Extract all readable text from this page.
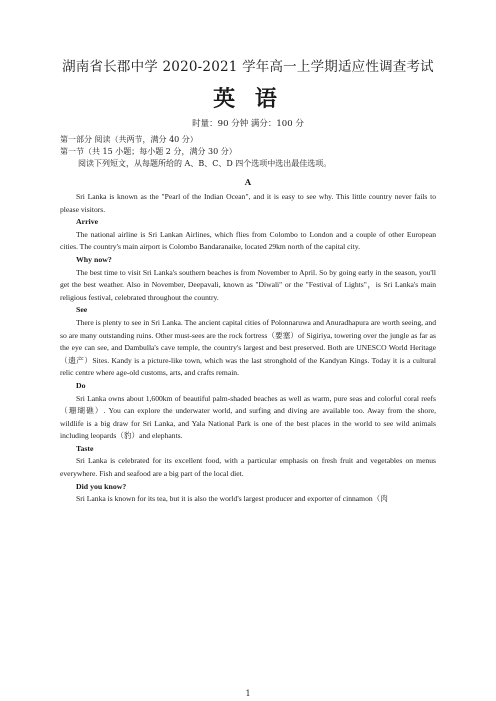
湖南省长郡中学 2020-2021 学年高一上学期适应性调查考试
英 语
时量：90 分钟 满分：100 分

第一部分 阅读（共两节，满分 40 分）

第一节（共 15 小题；每小题 2 分，满分 30 分）

阅读下列短文，从每题所给的 A、B、C、D 四个选项中选出最佳选项。

A

Sri Lanka is known as the "Pearl of the Indian Ocean", and it is easy to see why. This little country never fails to please visitors.

Arrive

The national airline is Sri Lankan Airlines, which flies from Colombo to London and a couple of other European cities. The country's main airport is Colombo Bandaranaike, located 29km north of the capital city.

Why now?

The best time to visit Sri Lanka's southern beaches is from November to April. So by going early in the season, you'll get the best weather. Also in November, Deepavali, known as "Diwali" or the "Festival of Lights"，is Sri Lanka's main religious festival, celebrated throughout the country.

See

There is plenty to see in Sri Lanka. The ancient capital cities of Polonnaruwa and Anuradhapura are worth seeing, and so are many outstanding ruins. Other must-sees are the rock fortress（要塞）of Sigiriya, towering over the jungle as far as the eye can see, and Dambulla's cave temple, the country's largest and best preserved. Both are UNESCO World Heritage（遗产）Sites. Kandy is a picture-like town, which was the last stronghold of the Kandyan Kings. Today it is a cultural relic centre where age-old customs, arts, and crafts remain.

Do

Sri Lanka owns about 1,600km of beautiful palm-shaded beaches as well as warm, pure seas and colorful coral reefs（珊瑚礁）. You can explore the underwater world, and surfing and diving are available too. Away from the shore, wildlife is a big draw for Sri Lanka, and Yala National Park is one of the best places in the world to see wild animals including leopards（豹）and elephants.

Taste

Sri Lanka is celebrated for its excellent food, with a particular emphasis on fresh fruit and vegetables on menus everywhere. Fish and seafood are a big part of the local diet.

Did you know?

Sri Lanka is known for its tea, but it is also the world's largest producer and exporter of cinnamon（肉

1
